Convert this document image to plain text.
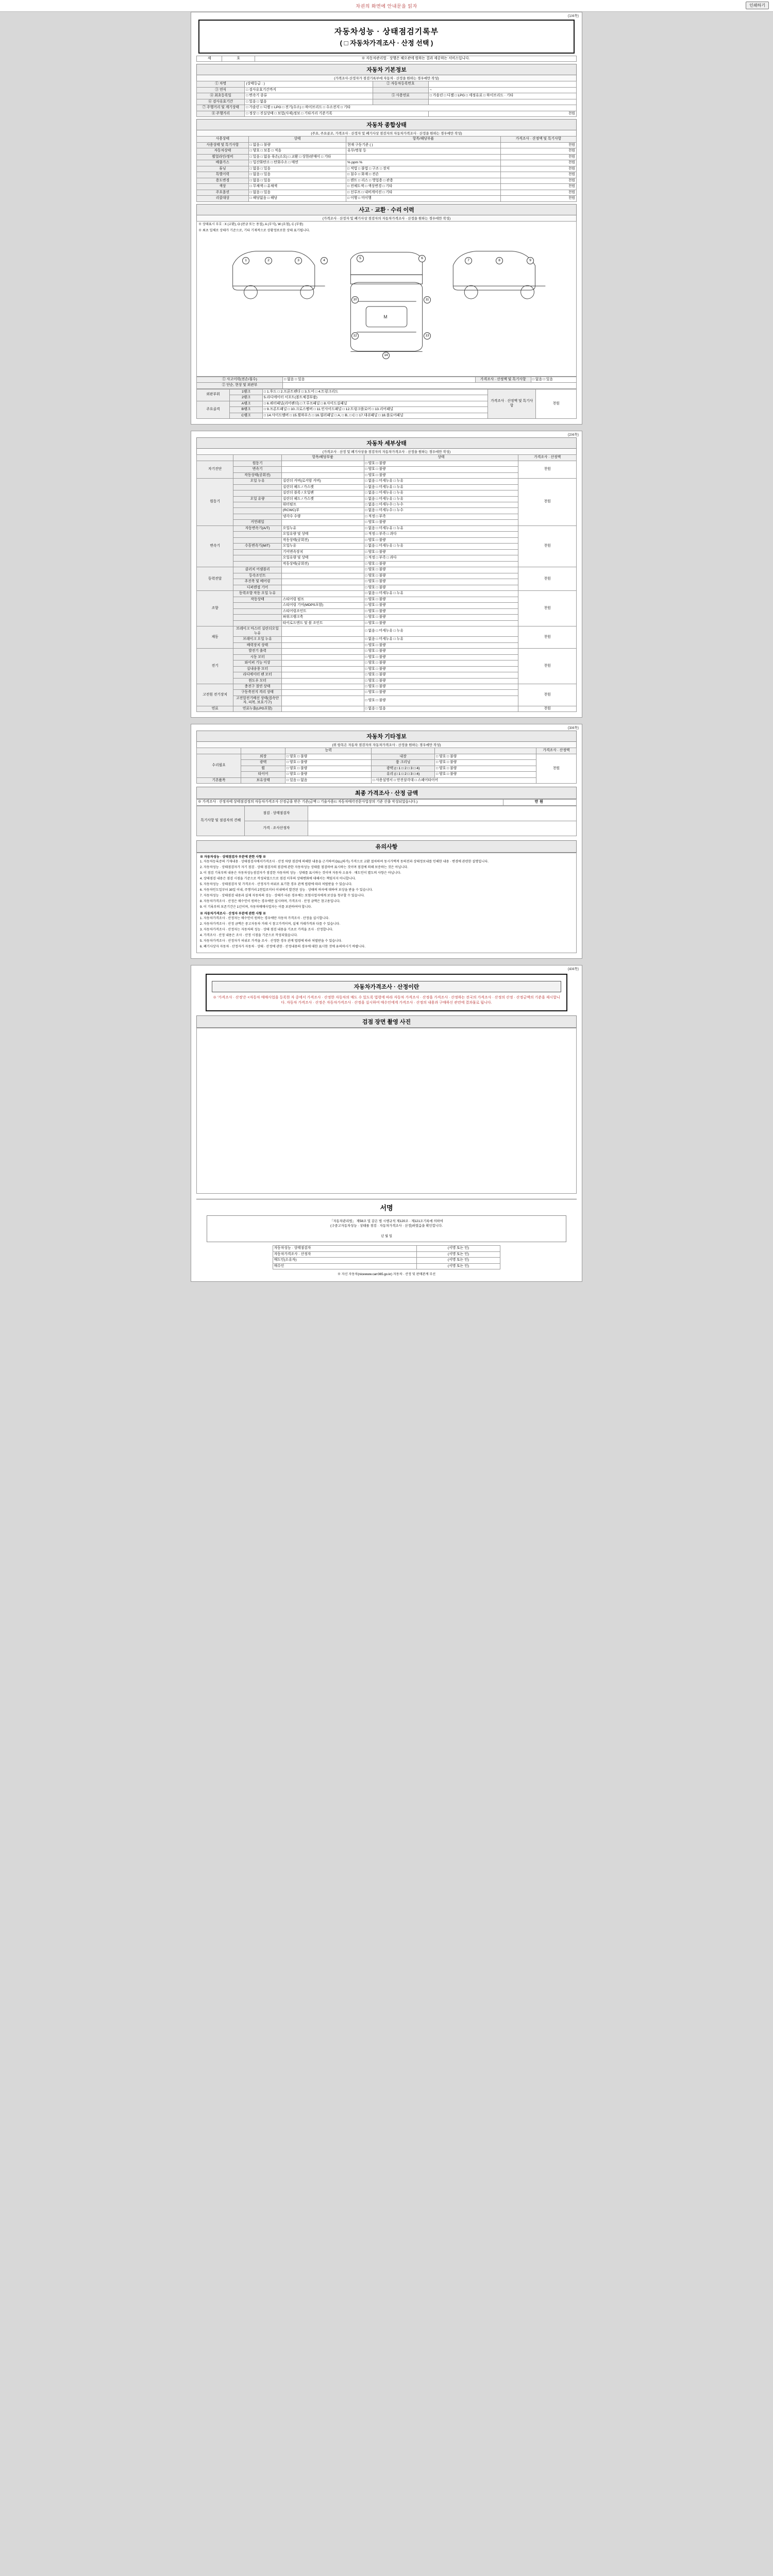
차권의 화면에 안내문을 읽자	인쇄하기
(1/4쪽)
자동차성능 · 상태점검기록부
( □ 자동차가격조사 · 산정 선택 )
제	호	※ 자동차관리법 · 상행은 해오관에 원하는 결과 제공하는 서비스입니다.
자동차 기본정보
(가격조사·산정자가 점검기록부에 자동차 · 산정을 원하는 경우에만 작성)
① 차명	(상태등급 : )	② 자동차등록번호	
③ 연식	□ 검사유효기간까지		~
④ 최초등록일	□ 변속기 종류	⑤ 사용연료	□ 가솔린 □ 디젤 □ LPG □ 세정유료 □ 하이브리드 · 기타
⑥ 검사유효기간	□ 있음 □ 없음		
⑦ 주행거리 및 계기상태	□ 가솔린 □ 디젤 □ LPG □ 전기(수소) □ 하이브리드 □ 수소전지 □ 기타		
⑧ 주행거리	□ 정상 □ 진실상태 □ 보험(사제)정보 □ 기타거리 기준기록		천원
자동차 종합상태
(주요, 주요골조, 가격조사 · 산정자 및 폐기사상 점검자의 자동차가격조사 · 산정을 원하는 경우에만 작성)
사용상태	상태	항목/해당부품	가격조사 · 산정액 및 특기사항
사용상태 및 특기사항	□ 없음 □ 불량	현재 구동기준 ( )	천원
자동차상태	□ 양호 □ 보통 □ 적음	유무/명칭 등	천원
휠얼라인/정비	□ 있음 □ 없음 육손(소요) □ 교환 □ 상한/판매이 □ 기타		천원
배출가스	□ 일산화탄소 □ 탄화수소 □ 매연	% ppm %	천원
튜닝	□ 없음 □ 있음	□ 적법 □ 불법 □ 구조 □ 장치	천원
특별이력	□ 없음 □ 있음	□ 침수 □ 화재 □ 전손	천원
용도변경	□ 없음 □ 있음	□ 렌트 □ 리스 □ 영업용 □ 관용	천원
색상	□ 무채색 □ 유채색	□ 전체도색 □ 색상변경 □ 기타	천원
주요옵션	□ 없음 □ 있음	□ 선루프 □ 내비게이션 □ 기타	천원
리콜대상	□ 해당없음 □ 해당	□ 이행 □ 미이행	천원
사고 · 교환 · 수리 이력
(가격조사 · 산정자 및 폐기사상 점검자의 자동차가격조사 · 산정을 원하는 경우에만 작성)
※ 상태표시 부호 : X (교환), O (판금 또는 용접), A (부식), W (요철), C (부품)
※ 최초 일체로 상태가 기준으로, 기타 기재적으로 상황정보로한 상태 표기됩니다.
M
1	2	3	4
5	6
7	8	9
10	11
12	13
14
① 사고이력(전손/침수)	□ 없음 □ 있음	가격조사 · 산정액 및 특기사항	□ 없음 □ 있음
② 단순, 현상 및 외관부			
외판부위	1랭크	□ 1.후드 □ 2.프론트펜더 □ 3.도어 □ 4.트렁크리드	가격조사 · 산정액 및 특기사항	천원
	2랭크	5.라디에이터 서포트(볼트체결부품)		
주요골격	A랭크	□ 6.쿼터패널(리어펜더) □ 7.루프패널 □ 8.사이드실패널		
	B랭크	□ 9.프론트패널 □ 10.크로스멤버 □ 11.인사이드패널 □ 12.트렁크플로어 □ 13.리어패널		
	C랭크	□ 14.사이드멤버 □ 15.휠하우스 □ 16.필러패널 □ A, □ B, □ C □ 17.대쉬패널 □ 18.플로어패널		
(2/4쪽)
자동차 세부상태
(가격조사 · 산정 및 폐기사상을 점검자의 자동차가격조사 · 산정을 원하는 경우에만 작성)
		항목/해당부품	상태	가격조사 · 산정액
자기진단	원동기		□ 양호 □ 불량	천원
	변속기		□ 양호 □ 불량	
	작동상태(공회전)		□ 양호 □ 불량	
원동기	오일 누유	실린더 커버(로커암 커버)	□ 없음 □ 미세누유 □ 누유	천원
		실린더 헤드 / 가스켓	□ 없음 □ 미세누유 □ 누유	
		실린더 블록 / 오일팬	□ 없음 □ 미세누유 □ 누유	
	오일 유량	실린더 헤드 / 가스켓	□ 없음 □ 미세누유 □ 누유	
		워터펌프	□ 없음 □ 미세누수 □ 누수	
		(RCWC)부	□ 없음 □ 미세누수 □ 누수	
		냉각수 수량	□ 적정 □ 부족	
	커먼레일		□ 양호 □ 불량	
변속기	자동변속기(A/T)	오일누유	□ 없음 □ 미세누유 □ 누유	천원
		오일유량 및 상태	□ 적정 □ 부족 □ 과다	
		작동상태(공회전)	□ 양호 □ 불량	
	수동변속기(M/T)	오일누유	□ 없음 □ 미세누유 □ 누유	
		기어변속장치	□ 양호 □ 불량	
		오일유량 및 상태	□ 적정 □ 부족 □ 과다	
		작동상태(공회전)	□ 양호 □ 불량	
동력전달	클러치 어셈블리		□ 양호 □ 불량	천원
	등속조인트		□ 양호 □ 불량	
	추진축 및 베어링		□ 양호 □ 불량	
	디퍼렌셜 기어		□ 양호 □ 불량	
조향	동력조향 작동 오일 누유		□ 없음 □ 미세누유 □ 누유	천원
	작동상태	스티어링 펌프	□ 양호 □ 불량	
		스티어링 기어(MDPS포함)	□ 양호 □ 불량	
		스티어링조인트	□ 양호 □ 불량	
		파워크랭크축	□ 양호 □ 불량	
		타이로드엔드 및 볼 조인트	□ 양호 □ 불량	
제동	브레이크 마스터 실린더오일 누유		□ 없음 □ 미세누유 □ 누유	천원
	브레이크 오일 누유		□ 없음 □ 미세누유 □ 누유	
	배력장치 상태		□ 양호 □ 불량	
전기	발전기 출력		□ 양호 □ 불량	천원
	시동 모터		□ 양호 □ 불량	
	와이퍼 기능 이상		□ 양호 □ 불량	
	실내송풍 모터		□ 양호 □ 불량	
	라디에이터 팬 모터		□ 양호 □ 불량	
	윈도우 모터		□ 양호 □ 불량	
고전원 전기장치	충전구 절연 상태		□ 양호 □ 불량	천원
	구동축전지 격리 상태		□ 양호 □ 불량	
	고전압전기배선 상태(접속단자, 피복, 보호기구)		□ 양호 □ 불량	
연료	연료누출(LPG포함)		□ 없음 □ 있음	천원
(3/4쪽)
자동차 기타정보
(위 항목은 자동차 점검자의 자동차가격조사 · 산정을 원하는 경우에만 작성)
		능력			가격조사 · 산정액
수리필요	외장	□ 양호 □ 불량	내장	□ 양호 □ 불량	천원
	광택	□ 양호 □ 불량	룸 크리닝	□ 양호 □ 불량	
	휠	□ 양호 □ 불량	광택 (□ 1 □ 2 □ 3 □ 4)	□ 양호 □ 불량	
	타이어	□ 양호 □ 불량	유리 (□ 1 □ 2 □ 3 □ 4)	□ 양호 □ 불량	
기본품목	보유상태	□ 있음 □ 없음	□ 사용설명서 □ 안전삼각대 □ 스페어타이어		
최종 가격조사 · 산정 금액
※ 가격조사 · 산정자에 상태점검정의 자동차가격조사 산정금을 받은 기준(금액 □ 기술사용/□ 자동차매각전문사업장의 기준 산출 작성되었습니다.)	만원
특기사항 및 점검자의 견해	점검 · 상태점검자	
	가격 · 조사산정자	
유의사항
※ 자동차성능 · 상태점검자 부분에 관한 사항 ※

1. 자동차등록증의 기재내용 · 상태점검자에서가격조사 · 산정 차량 점검에 의해한 내용을 근거하여 DLL(따가) 가격으로 교환 절차하며 동시가액적 동의전과 상태정보내를 인해한 내용 · 변경에 관련한 설명입니다.

2. 자동차성능 · 상태점검자가 자기 점검 · 상태 점검자의 점검에 관한 자동차성능 상태를 점검하여 표시하는 것이며 점검에 의해 보증하는 것은 아닙니다.

3. 이 점검 기록부의 내용은 자동차성능점검자가 점검한 자동차의 성능 · 상태를 표시하는 것이며 자동차 소유자 · 매도인이 별도의 사항은 아닙니다.

4. 상태점검 내용은 점검 시점을 기준으로 작성되었으므로 점검 이후의 상태변화에 대해서는 책임지지 아니합니다.

5. 자동차성능 · 상태점검자 및 가격조사 · 산정자가 허위로 표기한 경우 관계 법령에 따라 처벌받을 수 있습니다.

6. 자동차인도일부터 30일 이내, 주행거리 2천킬로미터 이내에서 발견된 성능 · 상태의 하자에 대하여 보상을 받을 수 있습니다.

7. 자동차성능 · 상태점검 내용과 실제 자동차의 성능 · 상태가 다른 경우에는 보험사업자에게 보상을 청구할 수 있습니다.

8. 자동차가격조사 · 산정은 매수인이 원하는 경우에만 실시하며, 가격조사 · 산정 금액은 참고용입니다.

9. 이 기록부의 보존기간은 1년이며, 자동차매매사업자는 이를 보관하여야 합니다.

※ 자동차가격조사 · 산정자 부분에 관한 사항 ※

1. 자동차가격조사 · 산정자는 매수인이 원하는 경우에만 자동차 가격조사 · 산정을 실시합니다.

2. 자동차가격조사 · 산정 금액은 중고자동차 거래 시 참고가격이며, 실제 거래가격과 다를 수 있습니다.

3. 자동차가격조사 · 산정자는 자동차의 성능 · 상태 점검 내용을 기초로 가격을 조사 · 산정합니다.

4. 가격조사 · 산정 내용은 조사 · 산정 시점을 기준으로 작성되었습니다.

5. 자동차가격조사 · 산정자가 허위로 가격을 조사 · 산정한 경우 관계 법령에 따라 처벌받을 수 있습니다.

6. 폐기사상자 자동차 · 산정자가 자동차 · 상태 · 산정에 관한 · 산정내용의 경우에 대한 표시한 것에 유의하시기 바랍니다.

(4/4쪽)
자동차가격조사 · 산정이란
※ '가격조사 · 산정'은 <자동차 매매사업을 등록한 자 중에서 가격조사 · 산정한 자동차의 매도 수 있도록 법령에 따라 자동차 가격조사 · 산정을 가격조사 · 산정하는 전국의 가격조사 · 산정의 산정 · 산정금액의 기준을 제시합니다. 자동차 가격조사 · 산정은 자동차가격조사 · 산정을 실시하여 매수인에게 가격조사 · 산정의 내용과 구매하신 관련에 결과물로 됩니다.
검점 장면 촬영 사진
서명
「자동차관리법」 제58조 및 같은 법 시행규칙 제120조 · 제121조기록에 의하여
(구중고자동차성능 · 상태를 점검 · 자동차가격조사 · 산정)하였음을 확인합니다.
년 월 일
자동차성능 · 상태점검자	(서명 또는 인)
자동차가격조사 · 산정자	(서명 또는 인)
매도인(소유자)	(서명 또는 인)
매수인	(서명 또는 인)
※ 자신 자동차(nicewww.carr365.go.kr) 자동차 · 산정 및 판매관계 부선
